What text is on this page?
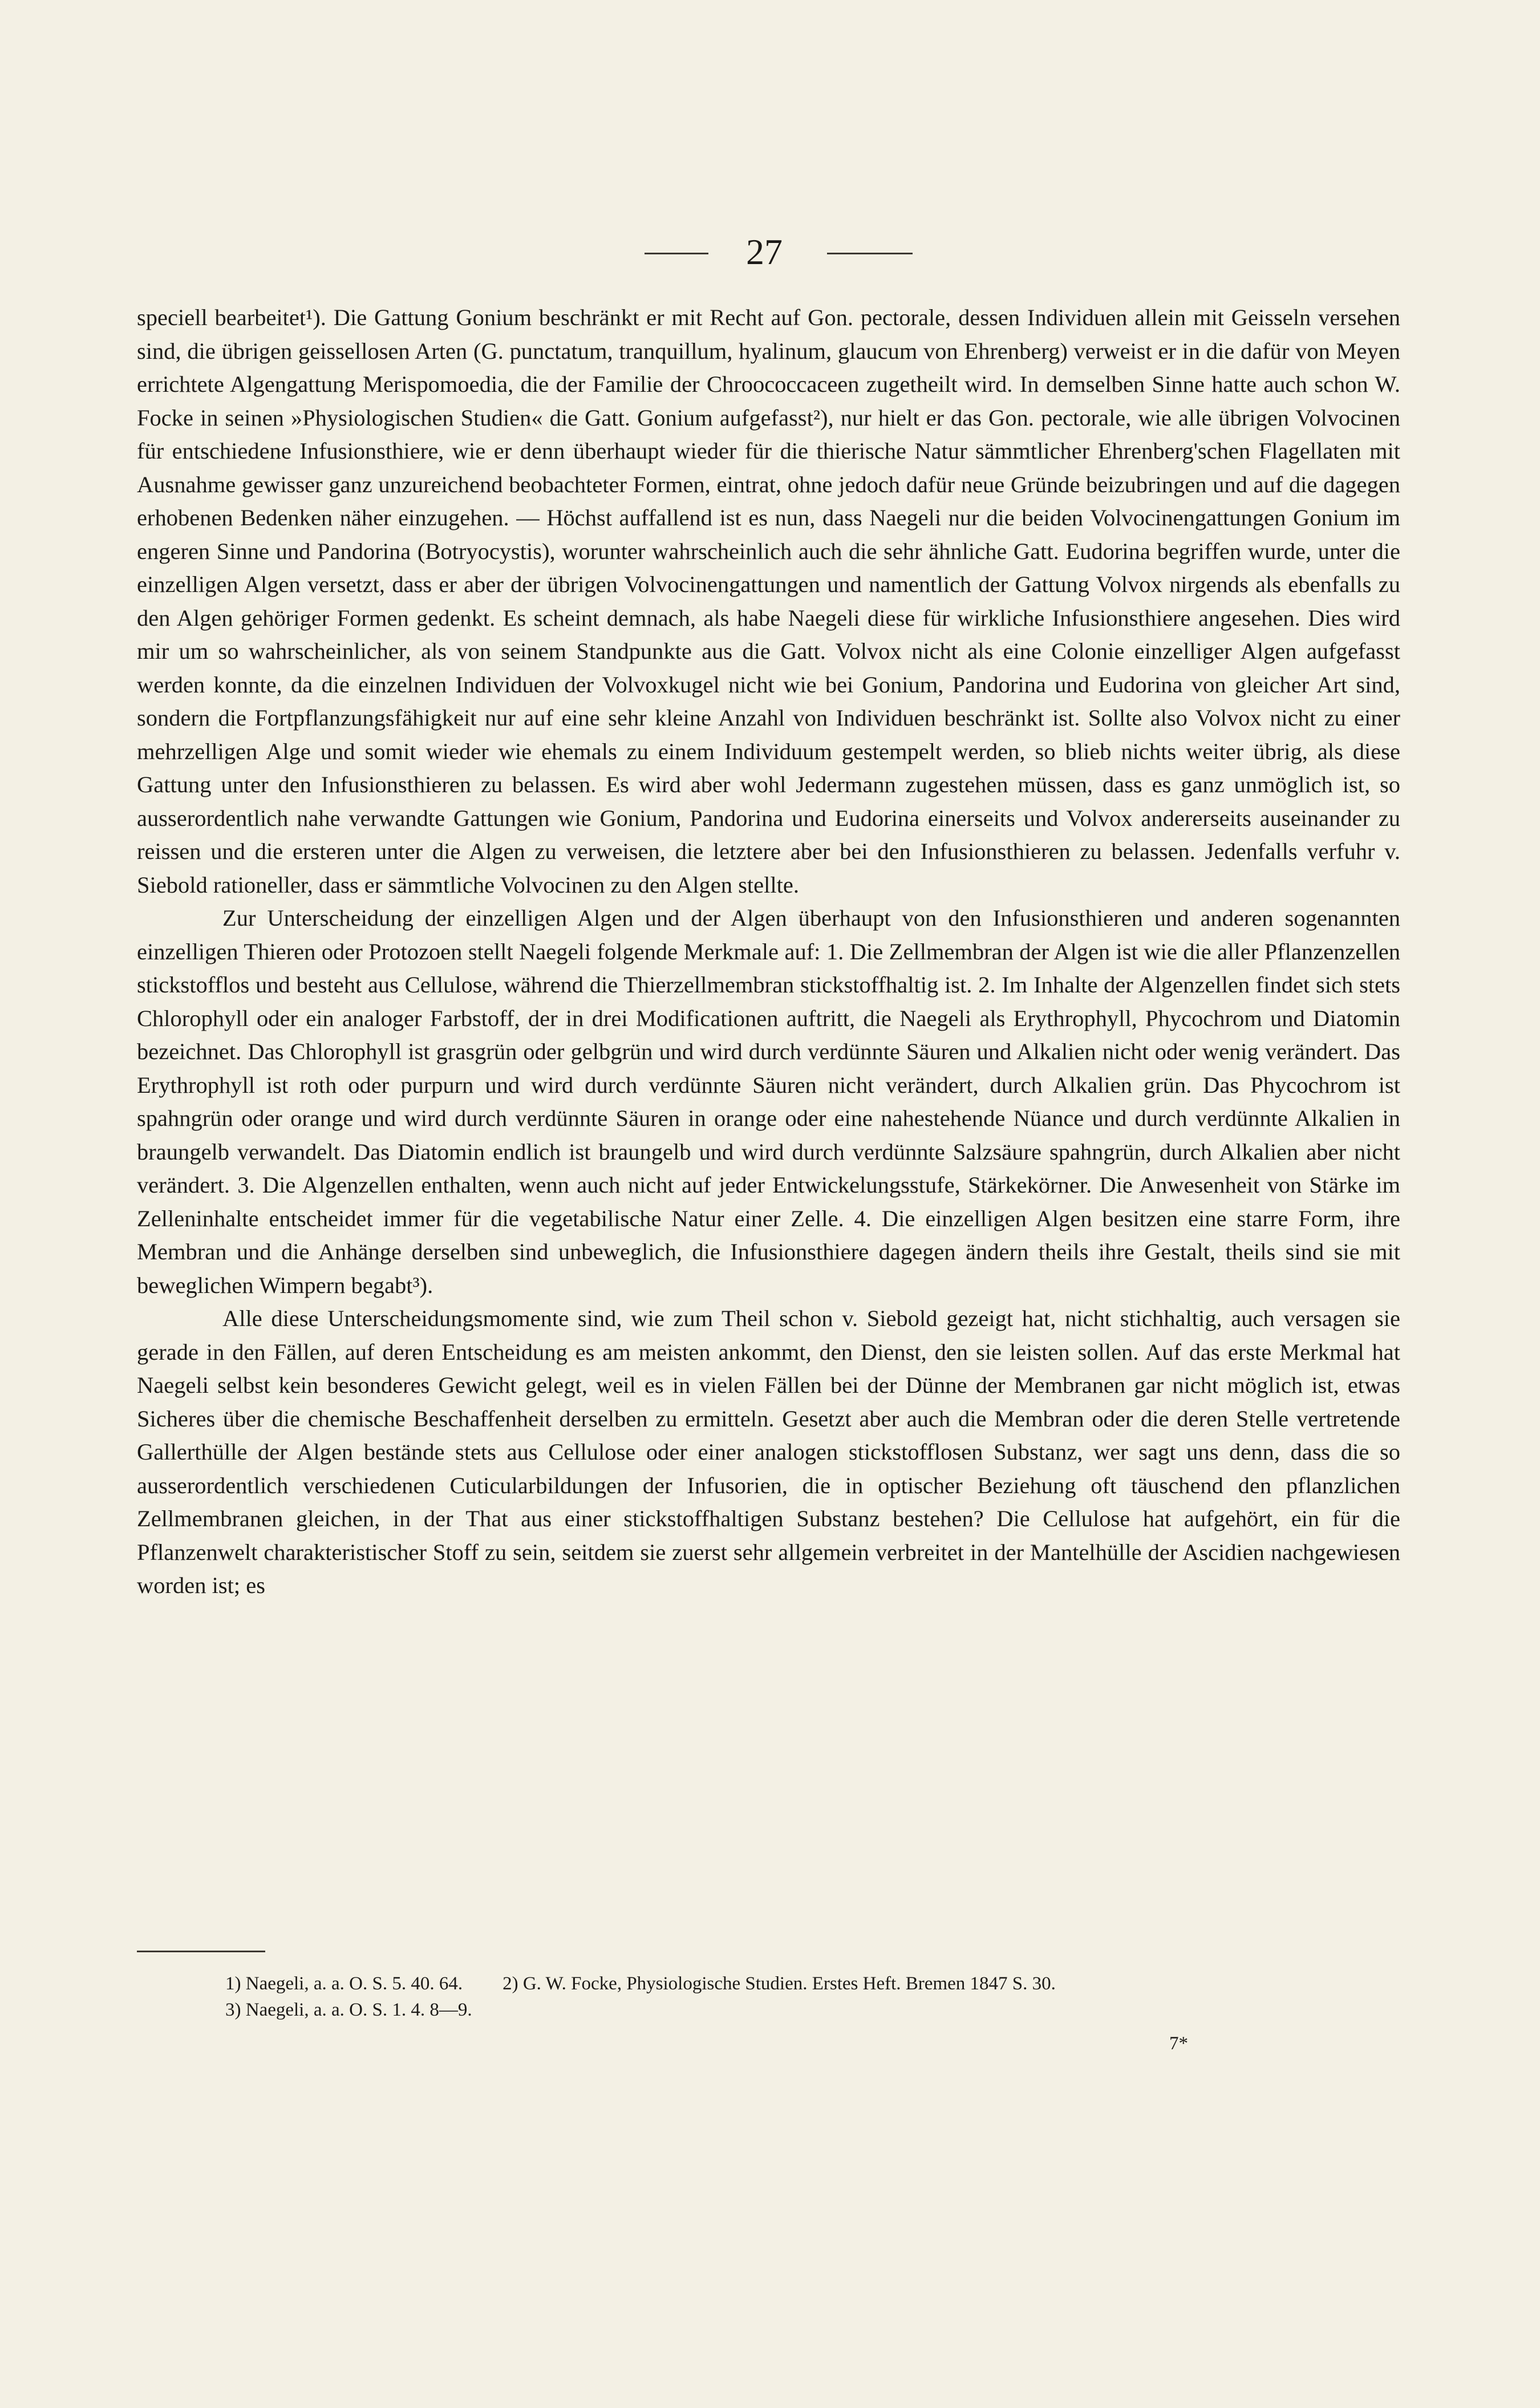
27

speciell bearbeitet¹). Die Gattung Gonium beschränkt er mit Recht auf Gon. pectorale, dessen Individuen allein mit Geisseln versehen sind, die übrigen geissellosen Arten (G. punctatum, tranquillum, hyalinum, glaucum von Ehrenberg) verweist er in die dafür von Meyen errichtete Algengattung Merispomoedia, die der Familie der Chroococcaceen zugetheilt wird. In demselben Sinne hatte auch schon W. Focke in seinen »Physiologischen Studien« die Gatt. Gonium aufgefasst²), nur hielt er das Gon. pectorale, wie alle übrigen Volvocinen für entschiedene Infusionsthiere, wie er denn überhaupt wieder für die thierische Natur sämmtlicher Ehrenberg'schen Flagellaten mit Ausnahme gewisser ganz unzureichend beobachteter Formen, eintrat, ohne jedoch dafür neue Gründe beizubringen und auf die dagegen erhobenen Bedenken näher einzugehen. — Höchst auffallend ist es nun, dass Naegeli nur die beiden Volvocinengattungen Gonium im engeren Sinne und Pandorina (Botryocystis), worunter wahrscheinlich auch die sehr ähnliche Gatt. Eudorina begriffen wurde, unter die einzelligen Algen versetzt, dass er aber der übrigen Volvocinengattungen und namentlich der Gattung Volvox nirgends als ebenfalls zu den Algen gehöriger Formen gedenkt. Es scheint demnach, als habe Naegeli diese für wirkliche Infusionsthiere angesehen. Dies wird mir um so wahrscheinlicher, als von seinem Standpunkte aus die Gatt. Volvox nicht als eine Colonie einzelliger Algen aufgefasst werden konnte, da die einzelnen Individuen der Volvoxkugel nicht wie bei Gonium, Pandorina und Eudorina von gleicher Art sind, sondern die Fortpflanzungsfähigkeit nur auf eine sehr kleine Anzahl von Individuen beschränkt ist. Sollte also Volvox nicht zu einer mehrzelligen Alge und somit wieder wie ehemals zu einem Individuum gestempelt werden, so blieb nichts weiter übrig, als diese Gattung unter den Infusionsthieren zu belassen. Es wird aber wohl Jedermann zugestehen müssen, dass es ganz unmöglich ist, so ausserordentlich nahe verwandte Gattungen wie Gonium, Pandorina und Eudorina einerseits und Volvox andererseits auseinander zu reissen und die ersteren unter die Algen zu verweisen, die letztere aber bei den Infusionsthieren zu belassen. Jedenfalls verfuhr v. Siebold rationeller, dass er sämmtliche Volvocinen zu den Algen stellte.

Zur Unterscheidung der einzelligen Algen und der Algen überhaupt von den Infusionsthieren und anderen sogenannten einzelligen Thieren oder Protozoen stellt Naegeli folgende Merkmale auf: 1. Die Zellmembran der Algen ist wie die aller Pflanzenzellen stickstofflos und besteht aus Cellulose, während die Thierzellmembran stickstoffhaltig ist. 2. Im Inhalte der Algenzellen findet sich stets Chlorophyll oder ein analoger Farbstoff, der in drei Modificationen auftritt, die Naegeli als Erythrophyll, Phycochrom und Diatomin bezeichnet. Das Chlorophyll ist grasgrün oder gelbgrün und wird durch verdünnte Säuren und Alkalien nicht oder wenig verändert. Das Erythrophyll ist roth oder purpurn und wird durch verdünnte Säuren nicht verändert, durch Alkalien grün. Das Phycochrom ist spahngrün oder orange und wird durch verdünnte Säuren in orange oder eine nahestehende Nüance und durch verdünnte Alkalien in braungelb verwandelt. Das Diatomin endlich ist braungelb und wird durch verdünnte Salzsäure spahngrün, durch Alkalien aber nicht verändert. 3. Die Algenzellen enthalten, wenn auch nicht auf jeder Entwickelungsstufe, Stärkekörner. Die Anwesenheit von Stärke im Zelleninhalte entscheidet immer für die vegetabilische Natur einer Zelle. 4. Die einzelligen Algen besitzen eine starre Form, ihre Membran und die Anhänge derselben sind unbeweglich, die Infusionsthiere dagegen ändern theils ihre Gestalt, theils sind sie mit beweglichen Wimpern begabt³).

Alle diese Unterscheidungsmomente sind, wie zum Theil schon v. Siebold gezeigt hat, nicht stichhaltig, auch versagen sie gerade in den Fällen, auf deren Entscheidung es am meisten ankommt, den Dienst, den sie leisten sollen. Auf das erste Merkmal hat Naegeli selbst kein besonderes Gewicht gelegt, weil es in vielen Fällen bei der Dünne der Membranen gar nicht möglich ist, etwas Sicheres über die chemische Beschaffenheit derselben zu ermitteln. Gesetzt aber auch die Membran oder die deren Stelle vertretende Gallerthülle der Algen bestände stets aus Cellulose oder einer analogen stickstofflosen Substanz, wer sagt uns denn, dass die so ausserordentlich verschiedenen Cuticularbildungen der Infusorien, die in optischer Beziehung oft täuschend den pflanzlichen Zellmembranen gleichen, in der That aus einer stickstoffhaltigen Substanz bestehen? Die Cellulose hat aufgehört, ein für die Pflanzenwelt charakteristischer Stoff zu sein, seitdem sie zuerst sehr allgemein verbreitet in der Mantelhülle der Ascidien nachgewiesen worden ist; es

1) Naegeli, a. a. O. S. 5. 40. 64. 2) G. W. Focke, Physiologische Studien. Erstes Heft. Bremen 1847 S. 30.
3) Naegeli, a. a. O. S. 1. 4. 8—9.
7*
